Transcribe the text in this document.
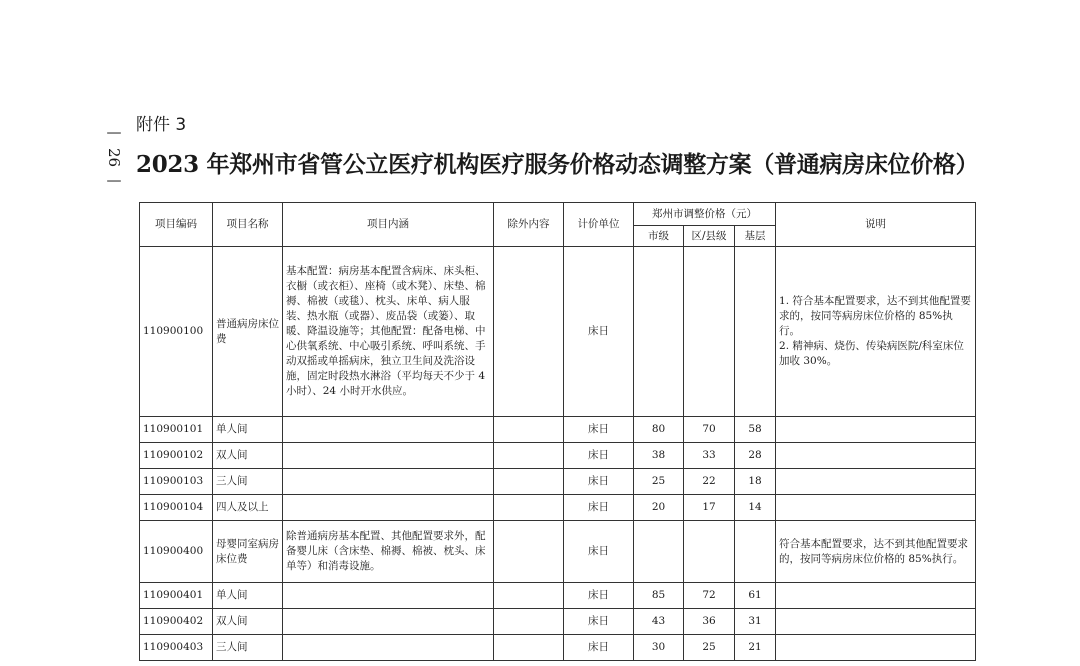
附件 3
—
26
—
2023 年郑州市省管公立医疗机构医疗服务价格动态调整方案（普通病房床位价格）
项目编码	项目名称	项目内涵	除外内容	计价单位	郑州市调整价格（元）			说明
					市级	区/县级	基层	
110900100	普通病房床位费	基本配置：病房基本配置含病床、床头柜、衣橱（或衣柜）、座椅（或木凳）、床垫、棉褥、棉被（或毯）、枕头、床单、病人服装、热水瓶（或器）、废品袋（或篓）、取暖、降温设施等；其他配置：配备电梯、中心供氧系统、中心吸引系统、呼叫系统、手动双摇或单摇病床，独立卫生间及洗浴设施，固定时段热水淋浴（平均每天不少于 4 小时）、24 小时开水供应。		床日				1. 符合基本配置要求，达不到其他配置要求的，按同等病房床位价格的 85%执行。
2. 精神病、烧伤、传染病医院/科室床位加收 30%。
110900101	单人间			床日	80	70	58	
110900102	双人间			床日	38	33	28	
110900103	三人间			床日	25	22	18	
110900104	四人及以上			床日	20	17	14	
110900400	母婴同室病房床位费	除普通病房基本配置、其他配置要求外，配备婴儿床（含床垫、棉褥、棉被、枕头、床单等）和消毒设施。		床日				符合基本配置要求，达不到其他配置要求的，按同等病房床位价格的 85%执行。
110900401	单人间			床日	85	72	61	
110900402	双人间			床日	43	36	31	
110900403	三人间			床日	30	25	21	
